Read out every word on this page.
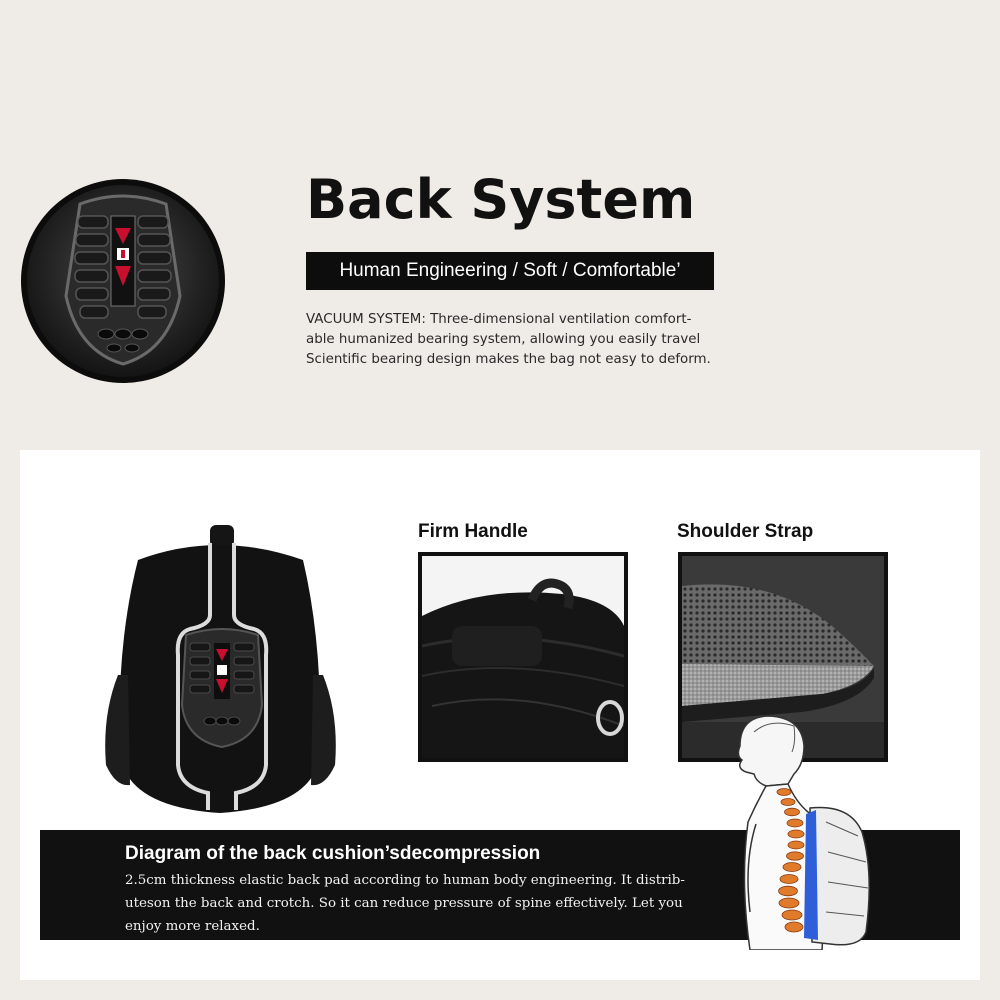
Back System
Human Engineering / Soft / Comfortable’

VACUUM SYSTEM: Three-dimensional ventilation comfort-
able humanized bearing system, allowing you easily travel
Scientific bearing design makes the bag not easy to deform.

Firm Handle	Shoulder Strap
Diagram of the back cushion’sdecompression

2.5cm thickness elastic back pad according to human body engineering. It distrib-
uteson the back and crotch. So it can reduce pressure of spine effectively. Let you
enjoy more relaxed.
